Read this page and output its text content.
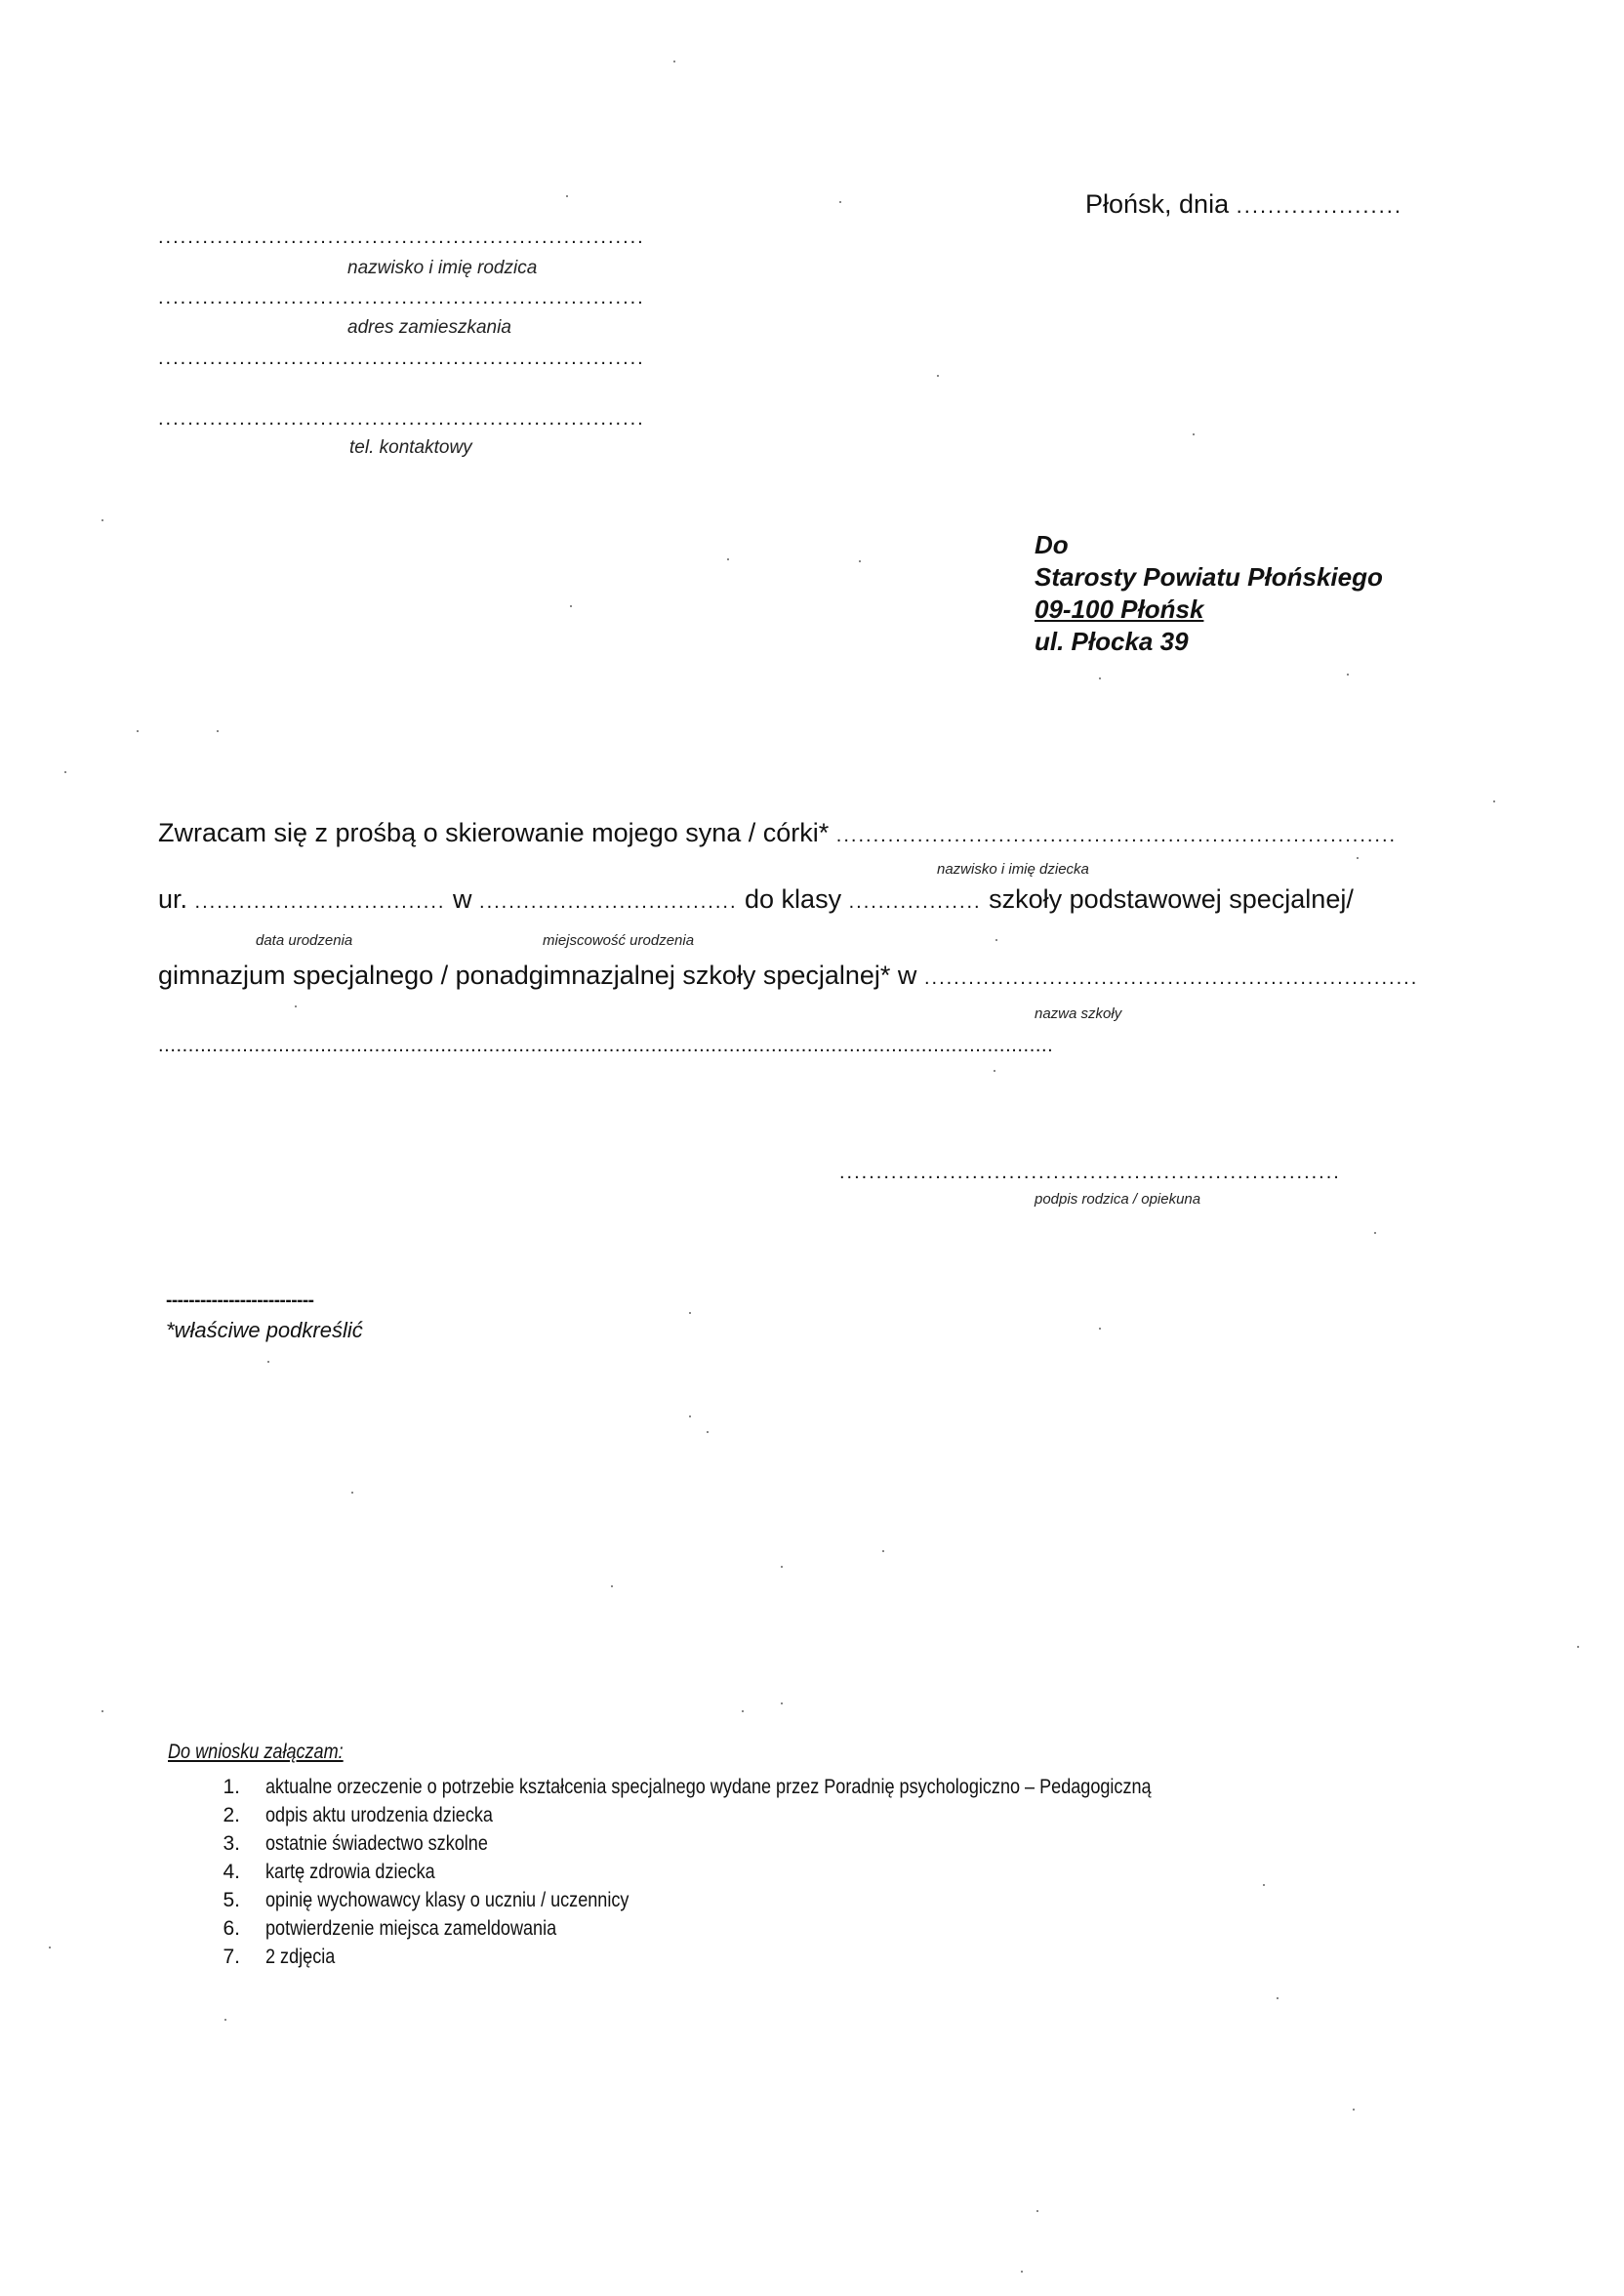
Płońsk, dnia .....................
..................................................................
nazwisko i imię rodzica
..................................................................
adres zamieszkania
..................................................................
..................................................................
tel. kontaktowy
Do
Starosty Powiatu Płońskiego
09-100 Płońsk
ul. Płocka 39
Zwracam się z prośbą o skierowanie mojego syna / córki* ............................................................................
nazwisko i imię dziecka
ur. .................................. w ................................... do klasy .................. szkoły podstawowej specjalnej/
data urodzenia	miejscowość urodzenia
gimnazjum specjalnego / ponadgimnazjalnej szkoły specjalnej* w ...................................................................
nazwa szkoły
.....................................................................................................................................................
....................................................................
podpis rodzica / opiekuna
--------------------------
*właściwe podkreślić
Do wniosku załączam:
1. aktualne orzeczenie o potrzebie kształcenia specjalnego wydane przez Poradnię psychologiczno – Pedagogiczną
2. odpis aktu urodzenia dziecka
3. ostatnie świadectwo szkolne
4. kartę zdrowia dziecka
5. opinię wychowawcy klasy o uczniu / uczennicy
6. potwierdzenie miejsca zameldowania
7. 2 zdjęcia
